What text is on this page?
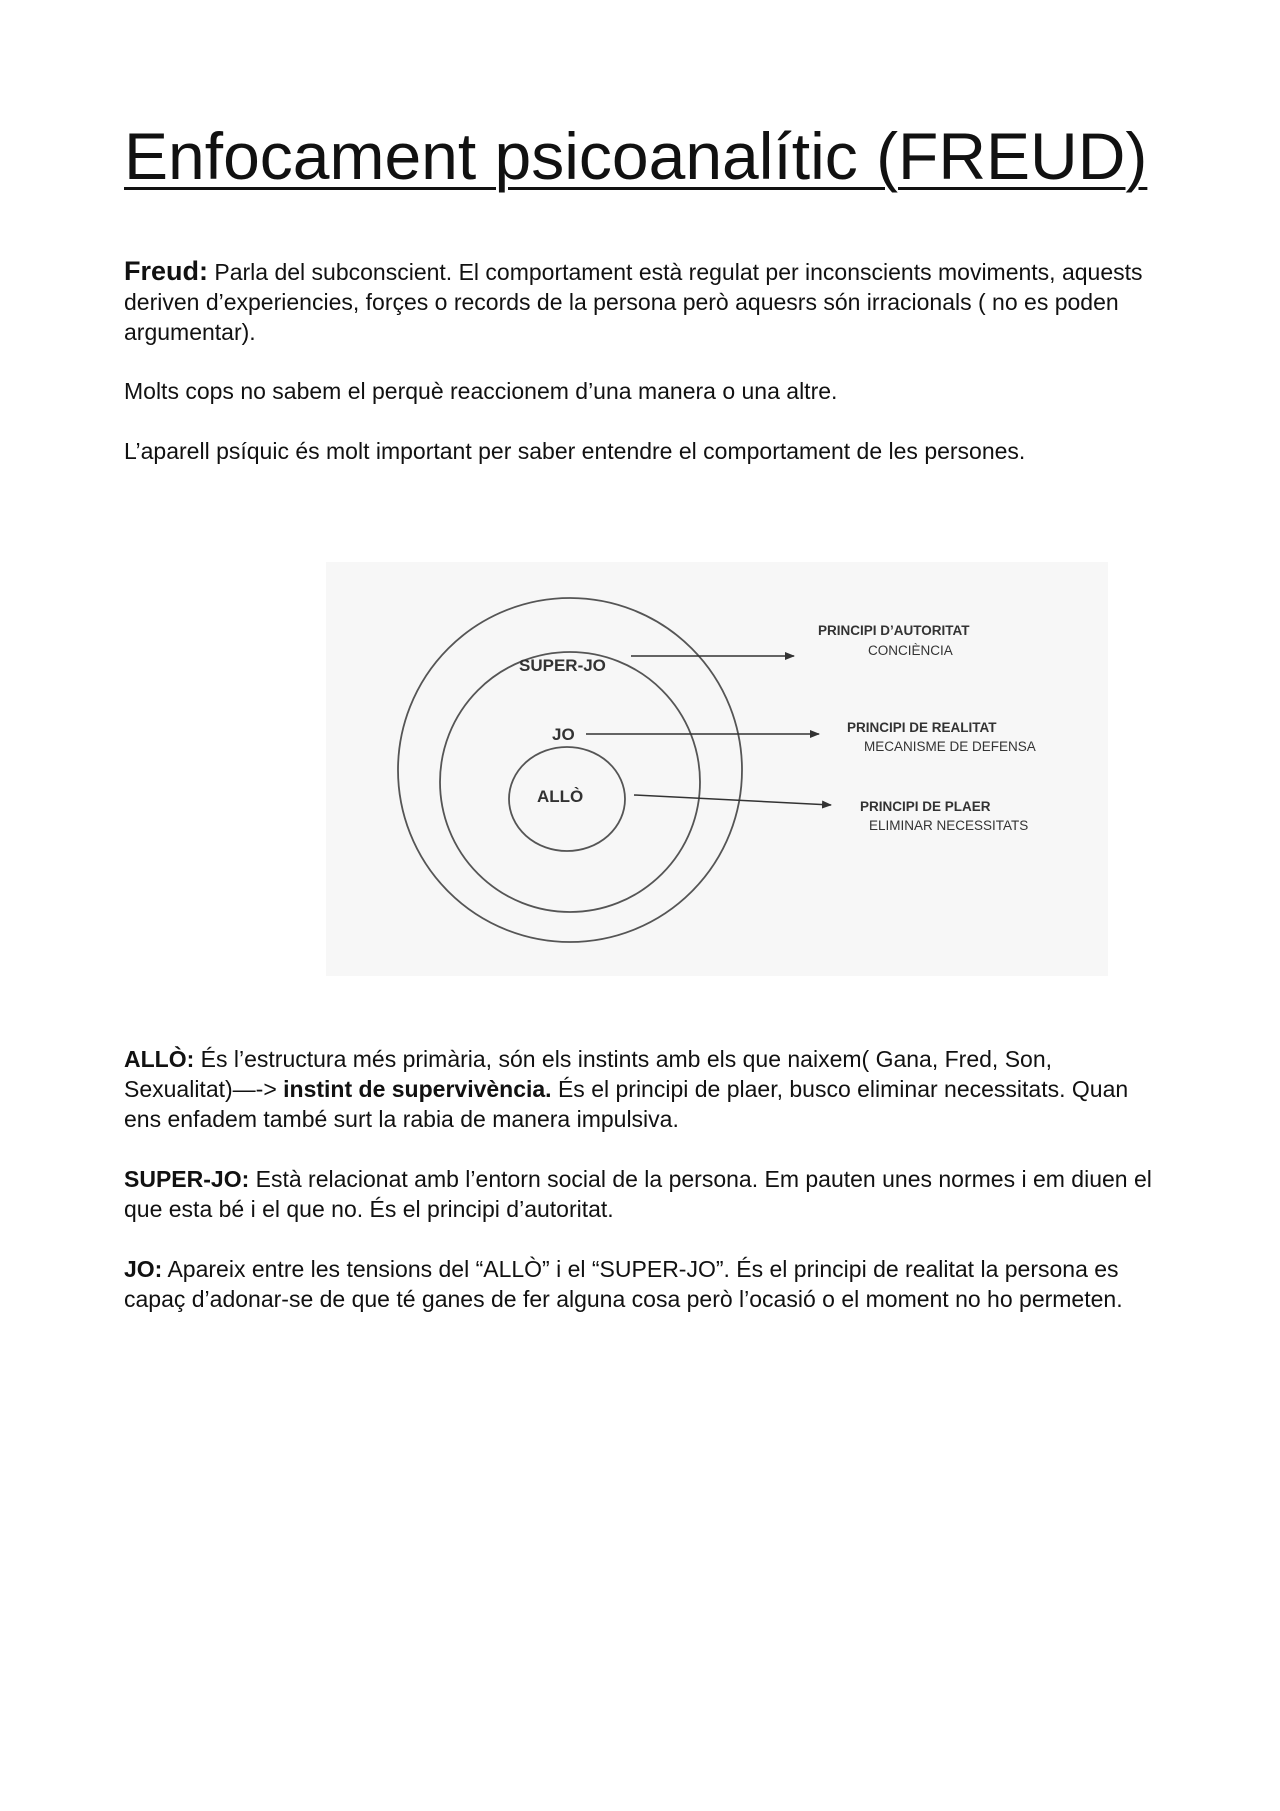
Enfocament psicoanalític (FREUD)

Freud: Parla del subconscient. El comportament està regulat per inconscients moviments, aquests deriven d’experiencies, forçes o records de la persona però aquesrs són irracionals ( no es poden argumentar).

Molts cops no sabem el perquè reaccionem d’una manera o una altre.

L’aparell psíquic és molt important per saber entendre el comportament de les persones.

SUPER-JO
JO
ALLÒ
PRINCIPI D’AUTORITAT
CONCIÈNCIA
PRINCIPI DE REALITAT
MECANISME DE DEFENSA
PRINCIPI DE PLAER
ELIMINAR NECESSITATS

ALLÒ: És l’estructura més primària, són els instints amb els que naixem( Gana, Fred, Son, Sexualitat)—-> instint de supervivència. És el principi de plaer, busco eliminar necessitats. Quan ens enfadem també surt la rabia de manera impulsiva.

SUPER-JO: Està relacionat amb l’entorn social de la persona. Em pauten unes normes i em diuen el que esta bé i el que no. És el principi d’autoritat.

JO: Apareix entre les tensions del “ALLÒ” i el “SUPER-JO”. És el principi de realitat la persona es capaç d’adonar-se de que té ganes de fer alguna cosa però l’ocasió o el moment no ho permeten.
